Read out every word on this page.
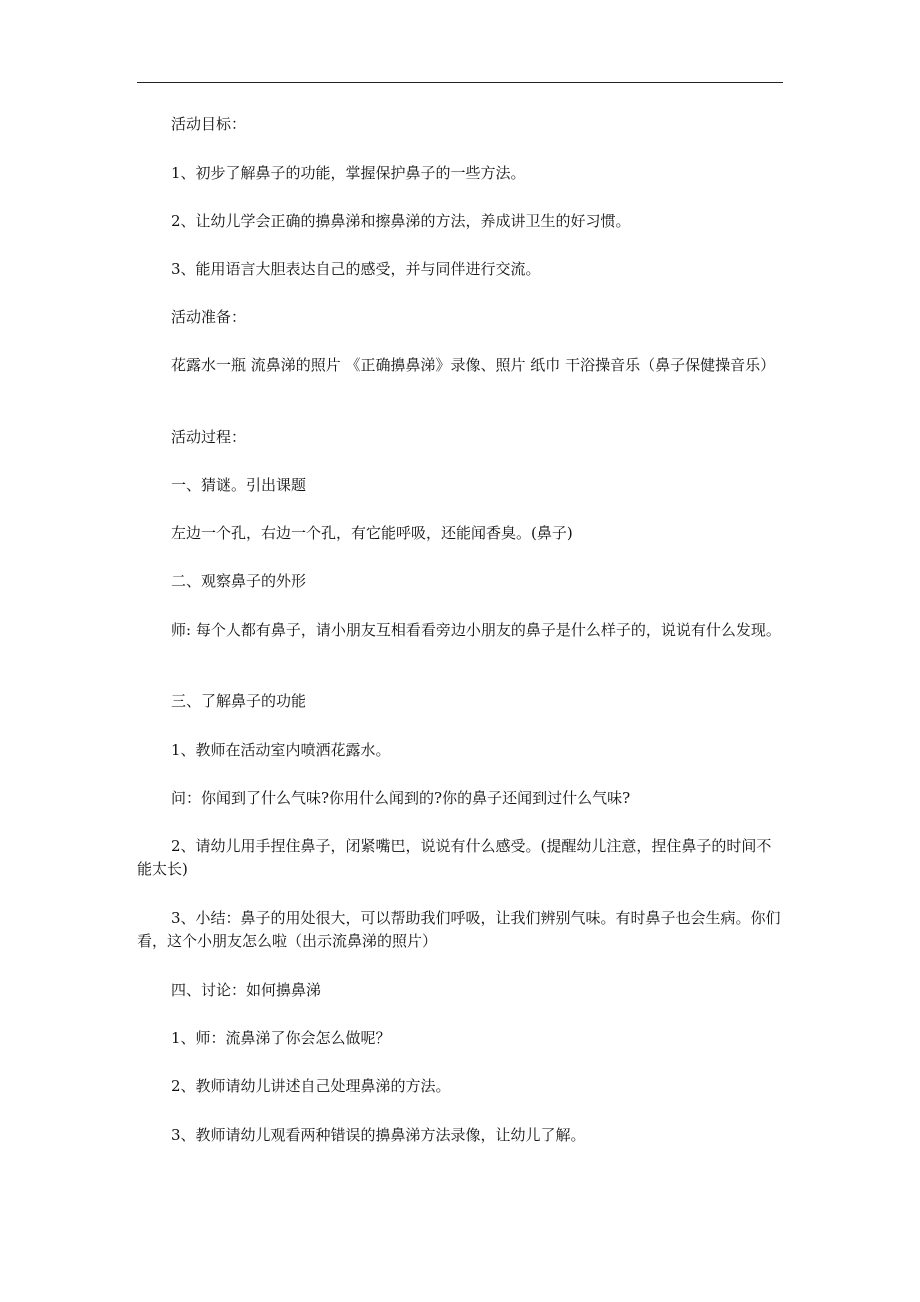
活动目标：
1、初步了解鼻子的功能，掌握保护鼻子的一些方法。
2、让幼儿学会正确的擤鼻涕和擦鼻涕的方法，养成讲卫生的好习惯。
3、能用语言大胆表达自己的感受，并与同伴进行交流。
活动准备：
花露水一瓶 流鼻涕的照片 《正确擤鼻涕》录像、照片 纸巾 干浴操音乐（鼻子保健操音乐）
活动过程：
一、猜谜。引出课题
左边一个孔，右边一个孔，有它能呼吸，还能闻香臭。(鼻子)
二、观察鼻子的外形
师: 每个人都有鼻子，请小朋友互相看看旁边小朋友的鼻子是什么样子的，说说有什么发现。
三、了解鼻子的功能
1、教师在活动室内喷洒花露水。
问：你闻到了什么气味?你用什么闻到的?你的鼻子还闻到过什么气味?
2、请幼儿用手捏住鼻子，闭紧嘴巴，说说有什么感受。(提醒幼儿注意，捏住鼻子的时间不能太长)
3、小结：鼻子的用处很大，可以帮助我们呼吸，让我们辨别气味。有时鼻子也会生病。你们看，这个小朋友怎么啦（出示流鼻涕的照片）
四、讨论：如何擤鼻涕
1、师：流鼻涕了你会怎么做呢？
2、教师请幼儿讲述自己处理鼻涕的方法。
3、教师请幼儿观看两种错误的擤鼻涕方法录像，让幼儿了解。
